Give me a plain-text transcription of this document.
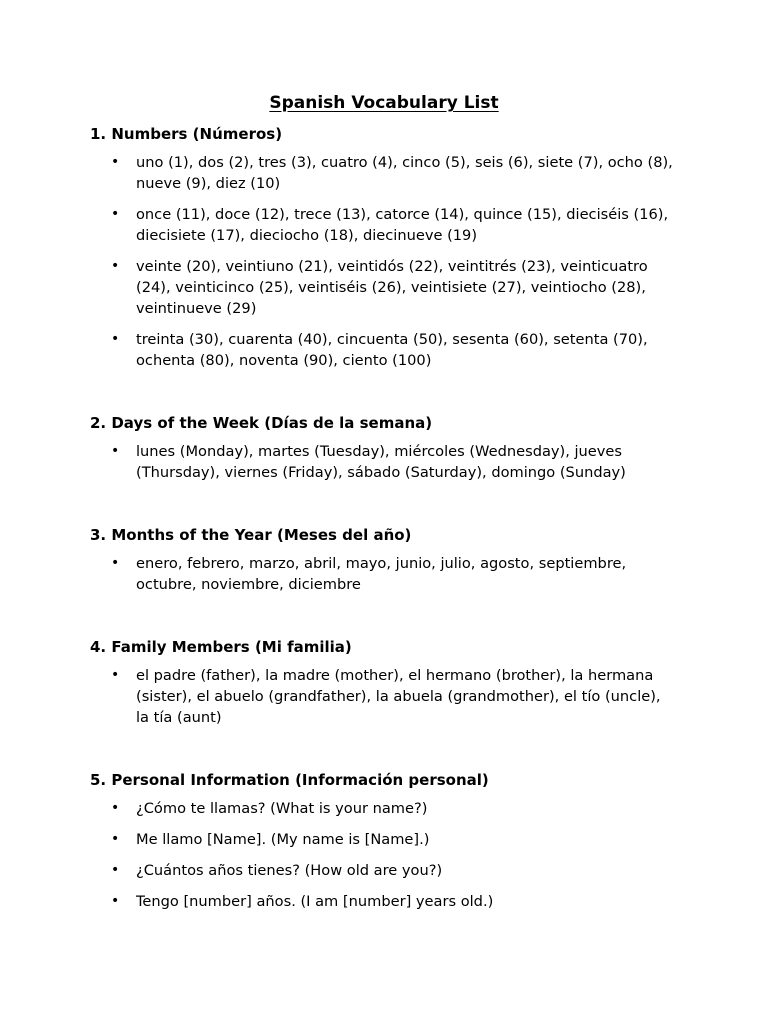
Spanish Vocabulary List
1. Numbers (Números)
• uno (1), dos (2), tres (3), cuatro (4), cinco (5), seis (6), siete (7), ocho (8), nueve (9), diez (10)
• once (11), doce (12), trece (13), catorce (14), quince (15), dieciséis (16), diecisiete (17), dieciocho (18), diecinueve (19)
• veinte (20), veintiuno (21), veintidós (22), veintitrés (23), veinticuatro (24), veinticinco (25), veintiséis (26), veintisiete (27), veintiocho (28), veintinueve (29)
• treinta (30), cuarenta (40), cincuenta (50), sesenta (60), setenta (70), ochenta (80), noventa (90), ciento (100)
2. Days of the Week (Días de la semana)
• lunes (Monday), martes (Tuesday), miércoles (Wednesday), jueves (Thursday), viernes (Friday), sábado (Saturday), domingo (Sunday)
3. Months of the Year (Meses del año)
• enero, febrero, marzo, abril, mayo, junio, julio, agosto, septiembre, octubre, noviembre, diciembre
4. Family Members (Mi familia)
• el padre (father), la madre (mother), el hermano (brother), la hermana (sister), el abuelo (grandfather), la abuela (grandmother), el tío (uncle), la tía (aunt)
5. Personal Information (Información personal)
• ¿Cómo te llamas? (What is your name?)
• Me llamo [Name]. (My name is [Name].)
• ¿Cuántos años tienes? (How old are you?)
• Tengo [number] años. (I am [number] years old.)
